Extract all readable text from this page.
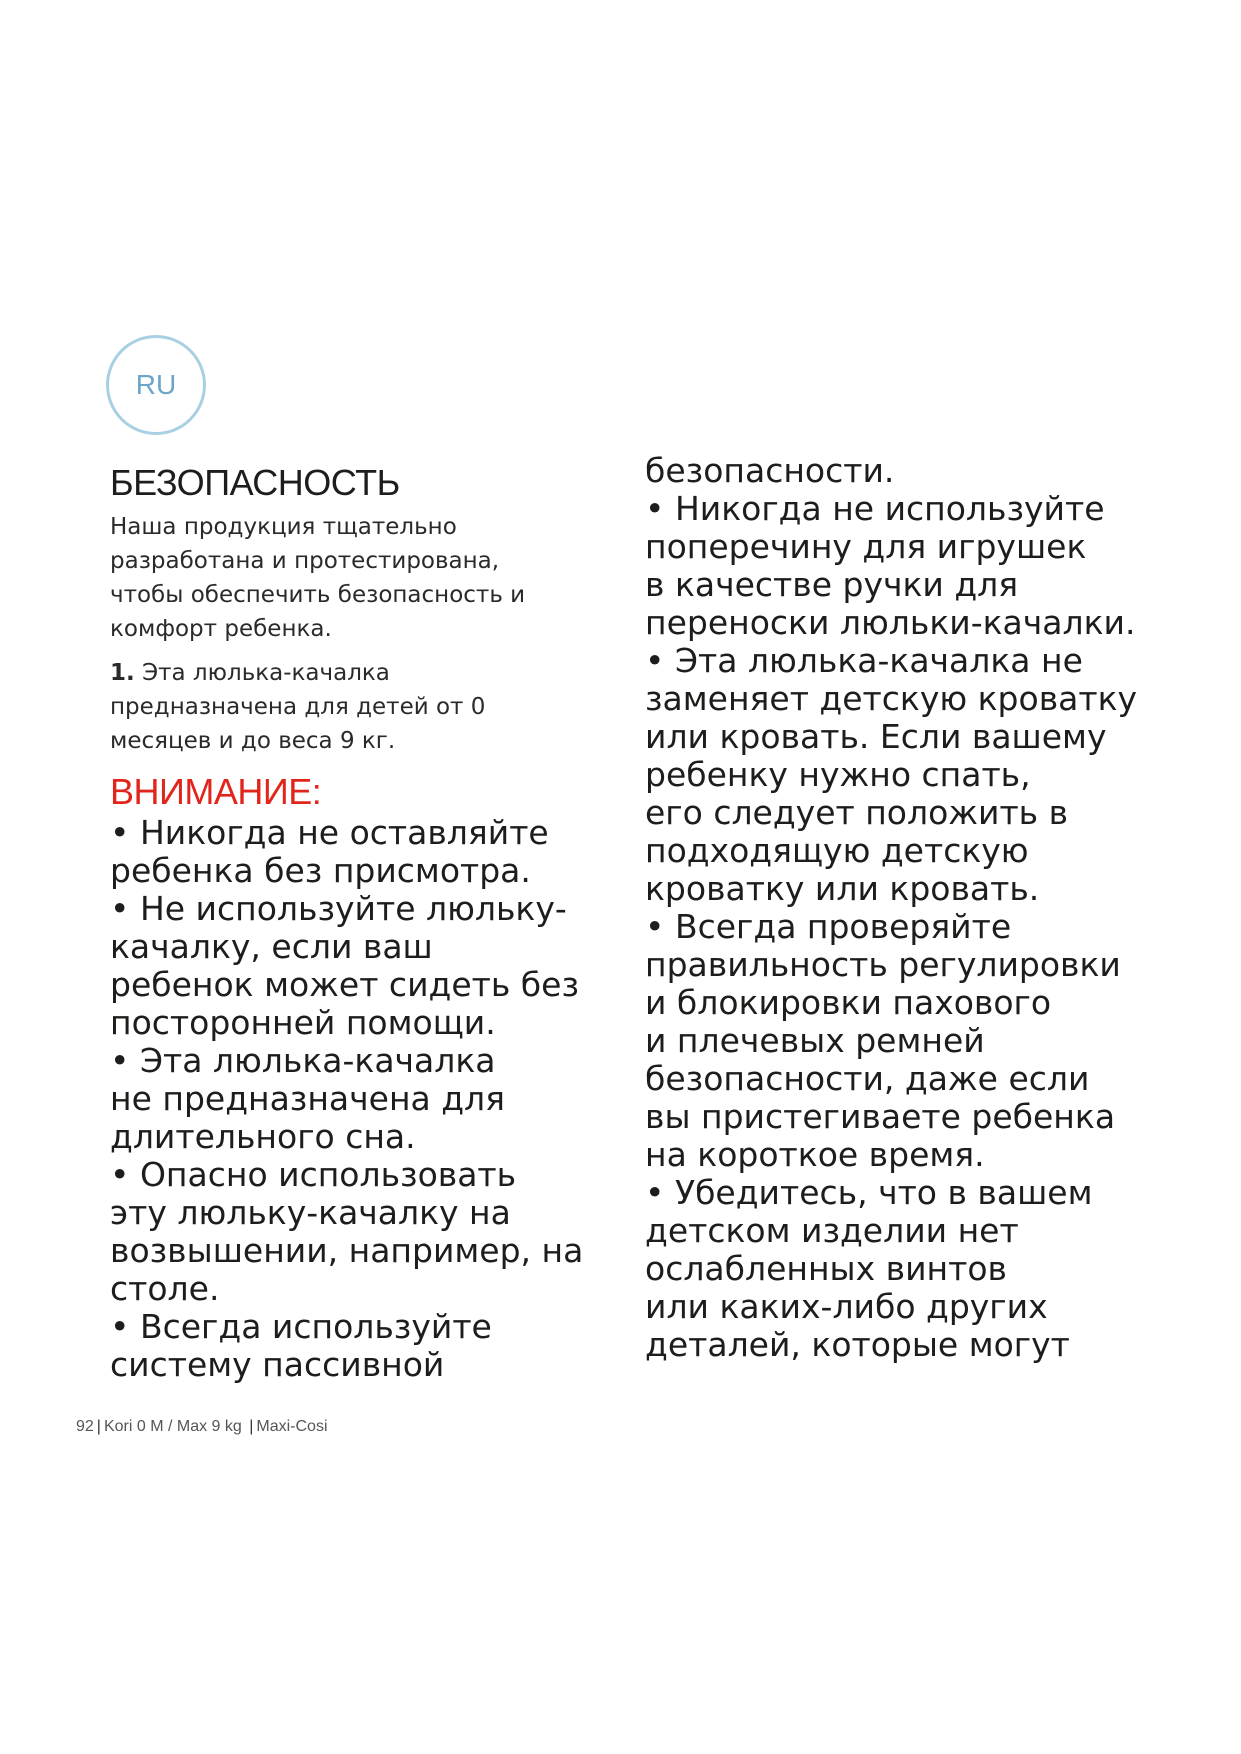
RU
БЕЗОПАСНОСТЬ
Наша продукция тщательно
разработана и протестирована,
чтобы обеспечить безопасность и
комфорт ребенка.
1. Эта люлька-качалка
предназначена для детей от 0
месяцев и до веса 9 кг.
ВНИМАНИЕ:
• Никогда не оставляйте
ребенка без присмотра.
• Не используйте люльку-
качалку, если ваш
ребенок может сидеть без
посторонней помощи.
• Эта люлька-качалка
не предназначена для
длительного сна.
• Опасно использовать
эту люльку-качалку на
возвышении, например, на
столе.
• Всегда используйте
систему пассивной
безопасности.
• Никогда не используйте
поперечину для игрушек
в качестве ручки для
переноски люльки-качалки.
• Эта люлька-качалка не
заменяет детскую кроватку
или кровать. Если вашему
ребенку нужно спать,
его следует положить в
подходящую детскую
кроватку или кровать.
• Всегда проверяйте
правильность регулировки
и блокировки пахового
и плечевых ремней
безопасности, даже если
вы пристегиваете ребенка
на короткое время.
• Убедитесь, что в вашем
детском изделии нет
ослабленных винтов
или каких-либо других
деталей, которые могут
92 | Kori 0 M / Max 9 kg | Maxi-Cosi
